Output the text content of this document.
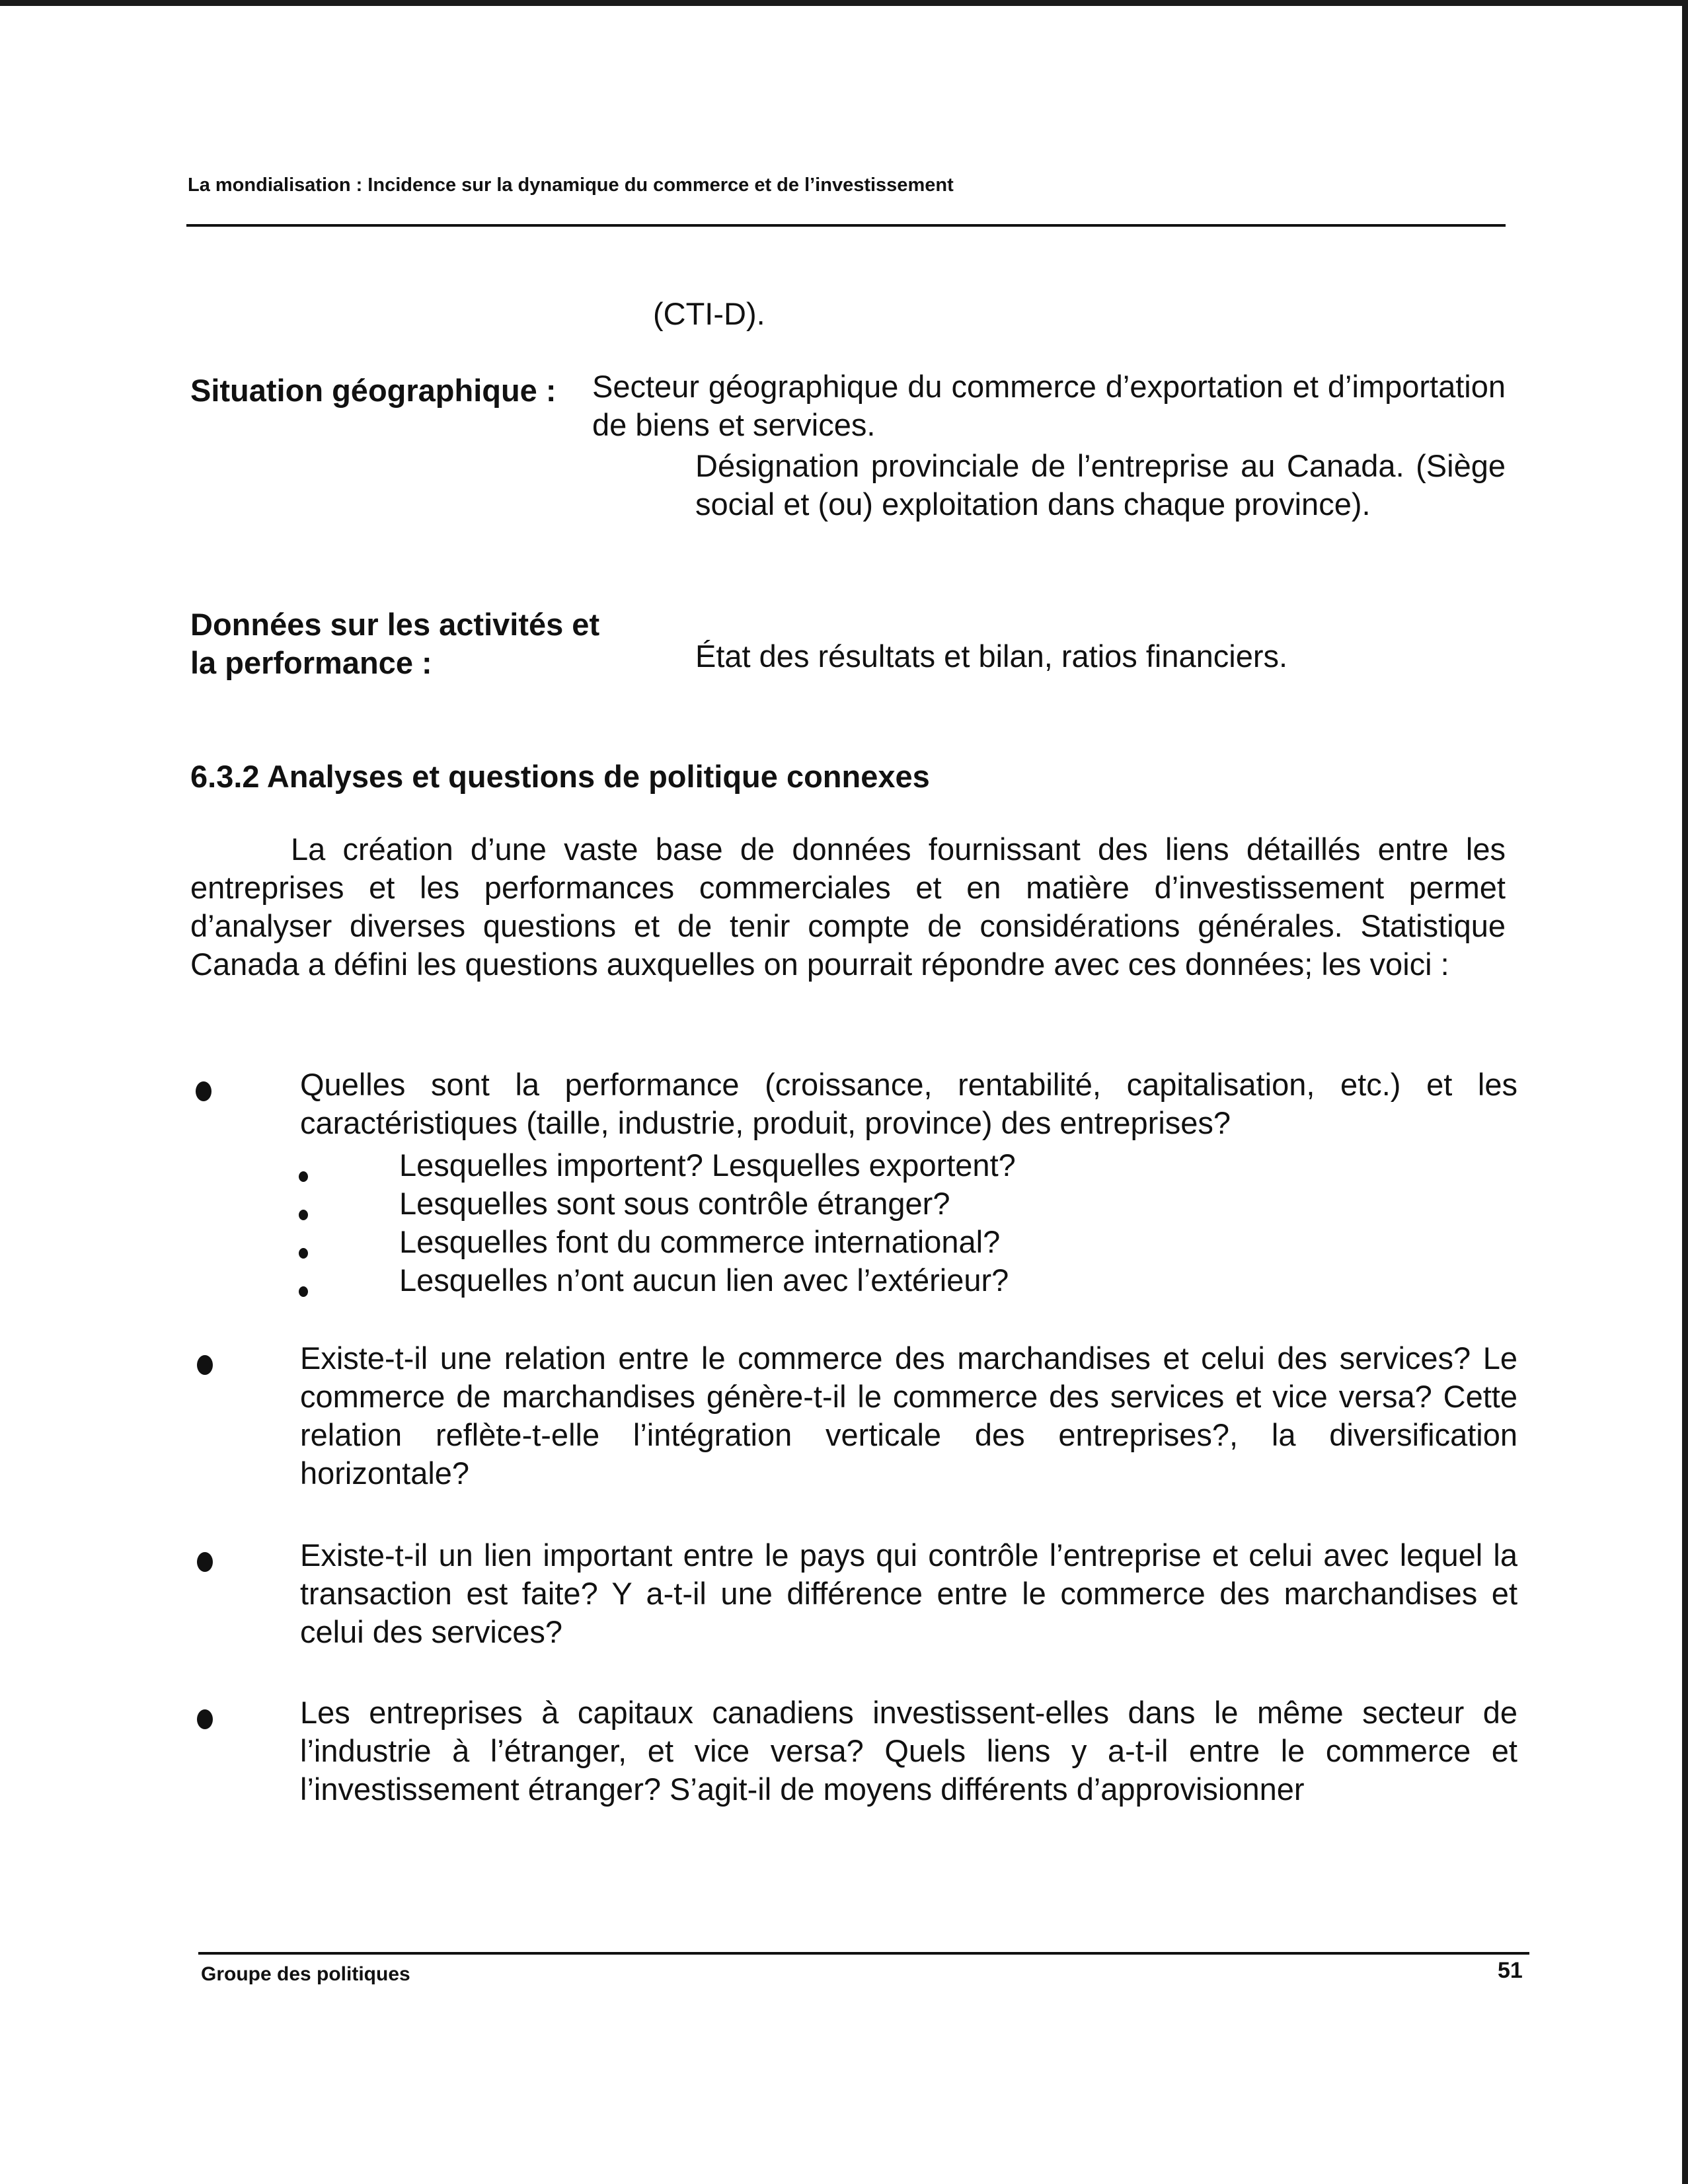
La mondialisation : Incidence sur la dynamique du commerce et de l’investissement
(CTI-D).
Situation géographique : Secteur géographique du commerce d’exportation et d’importation de biens et services.
Désignation provinciale de l’entreprise au Canada. (Siège social et (ou) exploitation dans chaque province).
Données sur les activités et la performance :	État des résultats et bilan, ratios financiers.
6.3.2 Analyses et questions de politique connexes
La création d’une vaste base de données fournissant des liens détaillés entre les entreprises et les performances commerciales et en matière d’investissement permet d’analyser diverses questions et de tenir compte de considérations générales. Statistique Canada a défini les questions auxquelles on pourrait répondre avec ces données; les voici :
Quelles sont la performance (croissance, rentabilité, capitalisation, etc.) et les caractéristiques (taille, industrie, produit, province) des entreprises?
Lesquelles importent? Lesquelles exportent?
Lesquelles sont sous contrôle étranger?
Lesquelles font du commerce international?
Lesquelles n’ont aucun lien avec l’extérieur?
Existe-t-il une relation entre le commerce des marchandises et celui des services? Le commerce de marchandises génère-t-il le commerce des services et vice versa? Cette relation reflète-t-elle l’intégration verticale des entreprises?, la diversification horizontale?
Existe-t-il un lien important entre le pays qui contrôle l’entreprise et celui avec lequel la transaction est faite? Y a-t-il une différence entre le commerce des marchandises et celui des services?
Les entreprises à capitaux canadiens investissent-elles dans le même secteur de l’industrie à l’étranger, et vice versa? Quels liens y a-t-il entre le commerce et l’investissement étranger? S’agit-il de moyens différents d’approvisionner
Groupe des politiques	51
